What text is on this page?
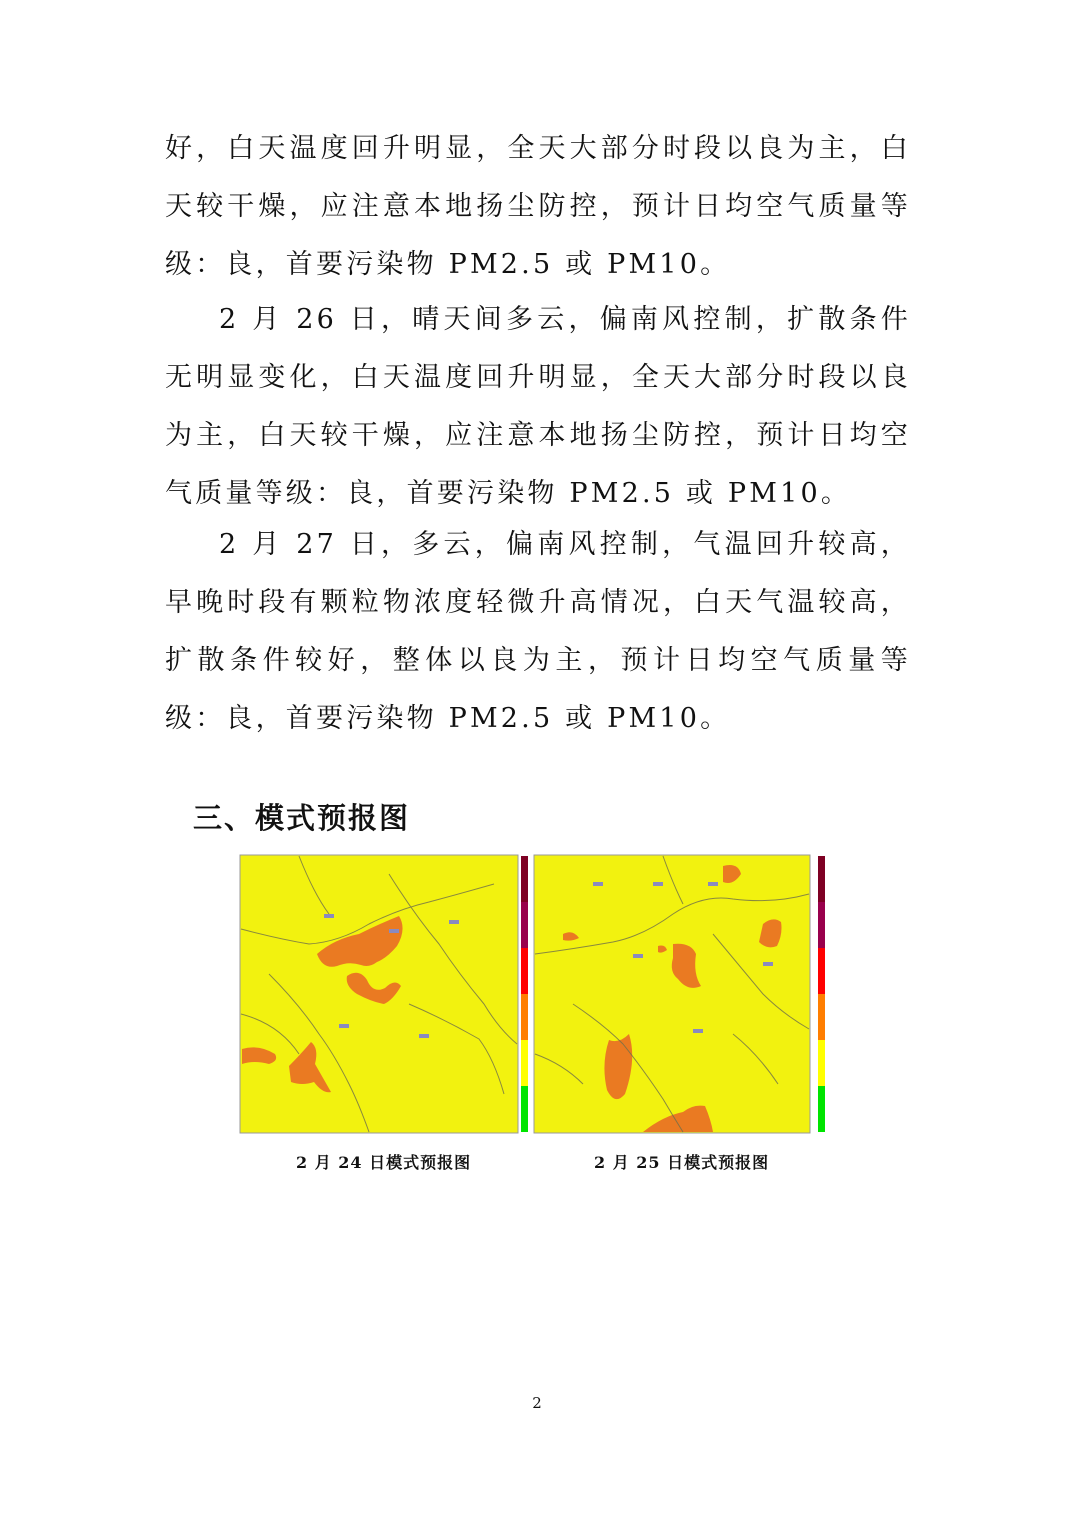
好，白天温度回升明显，全天大部分时段以良为主，白天较干燥，应注意本地扬尘防控，预计日均空气质量等级：良，首要污染物 PM2.5 或 PM10。

2 月 26 日，晴天间多云，偏南风控制，扩散条件无明显变化，白天温度回升明显，全天大部分时段以良为主，白天较干燥，应注意本地扬尘防控，预计日均空气质量等级：良，首要污染物 PM2.5 或 PM10。

2 月 27 日，多云，偏南风控制，气温回升较高，早晚时段有颗粒物浓度轻微升高情况，白天气温较高，扩散条件较好，整体以良为主，预计日均空气质量等级：良，首要污染物 PM2.5 或 PM10。

三、模式预报图
2 月 24 日模式预报图	2 月 25 日模式预报图
2
